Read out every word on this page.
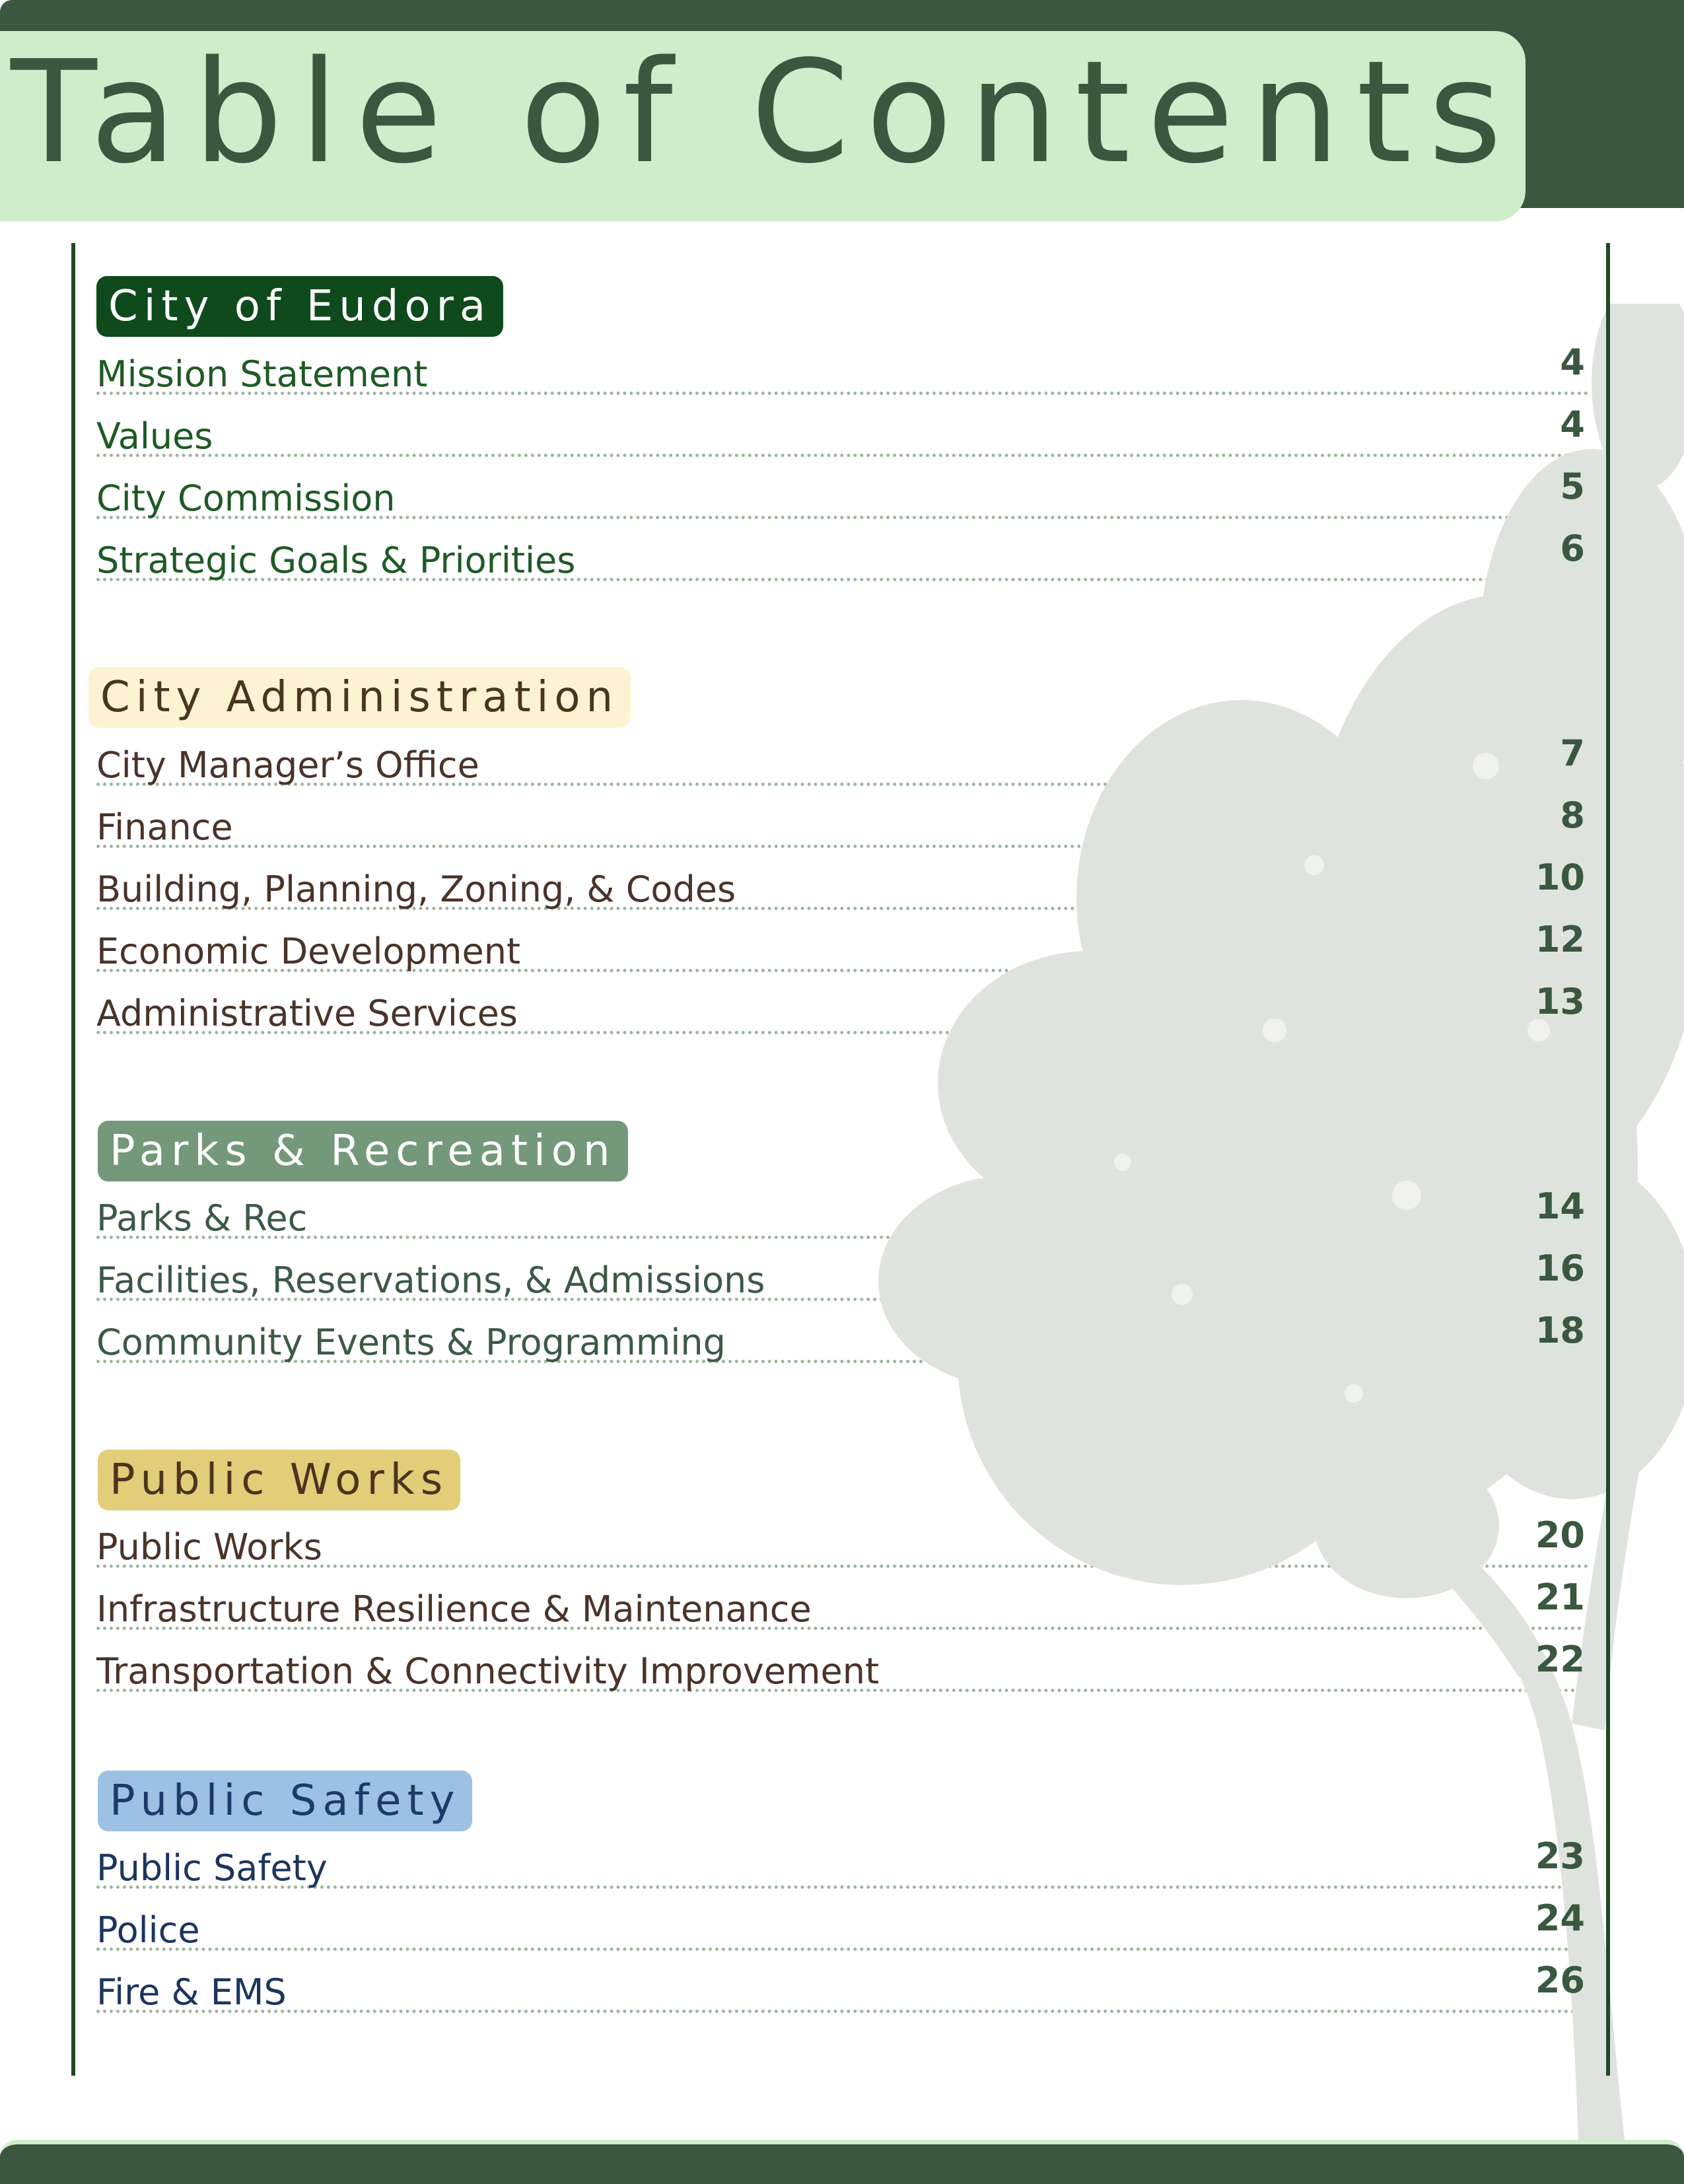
Table of Contents
City of Eudora
Mission Statement	4
Values	4
City Commission	5
Strategic Goals & Priorities	6
City Administration
City Manager’s Office	7
Finance	8
Building, Planning, Zoning, & Codes	10
Economic Development	12
Administrative Services	13
Parks & Recreation
Parks & Rec	14
Facilities, Reservations, & Admissions	16
Community Events & Programming	18
Public Works
Public Works	20
Infrastructure Resilience & Maintenance	21
Transportation & Connectivity Improvement	22
Public Safety
Public Safety	23
Police	24
Fire & EMS	26
